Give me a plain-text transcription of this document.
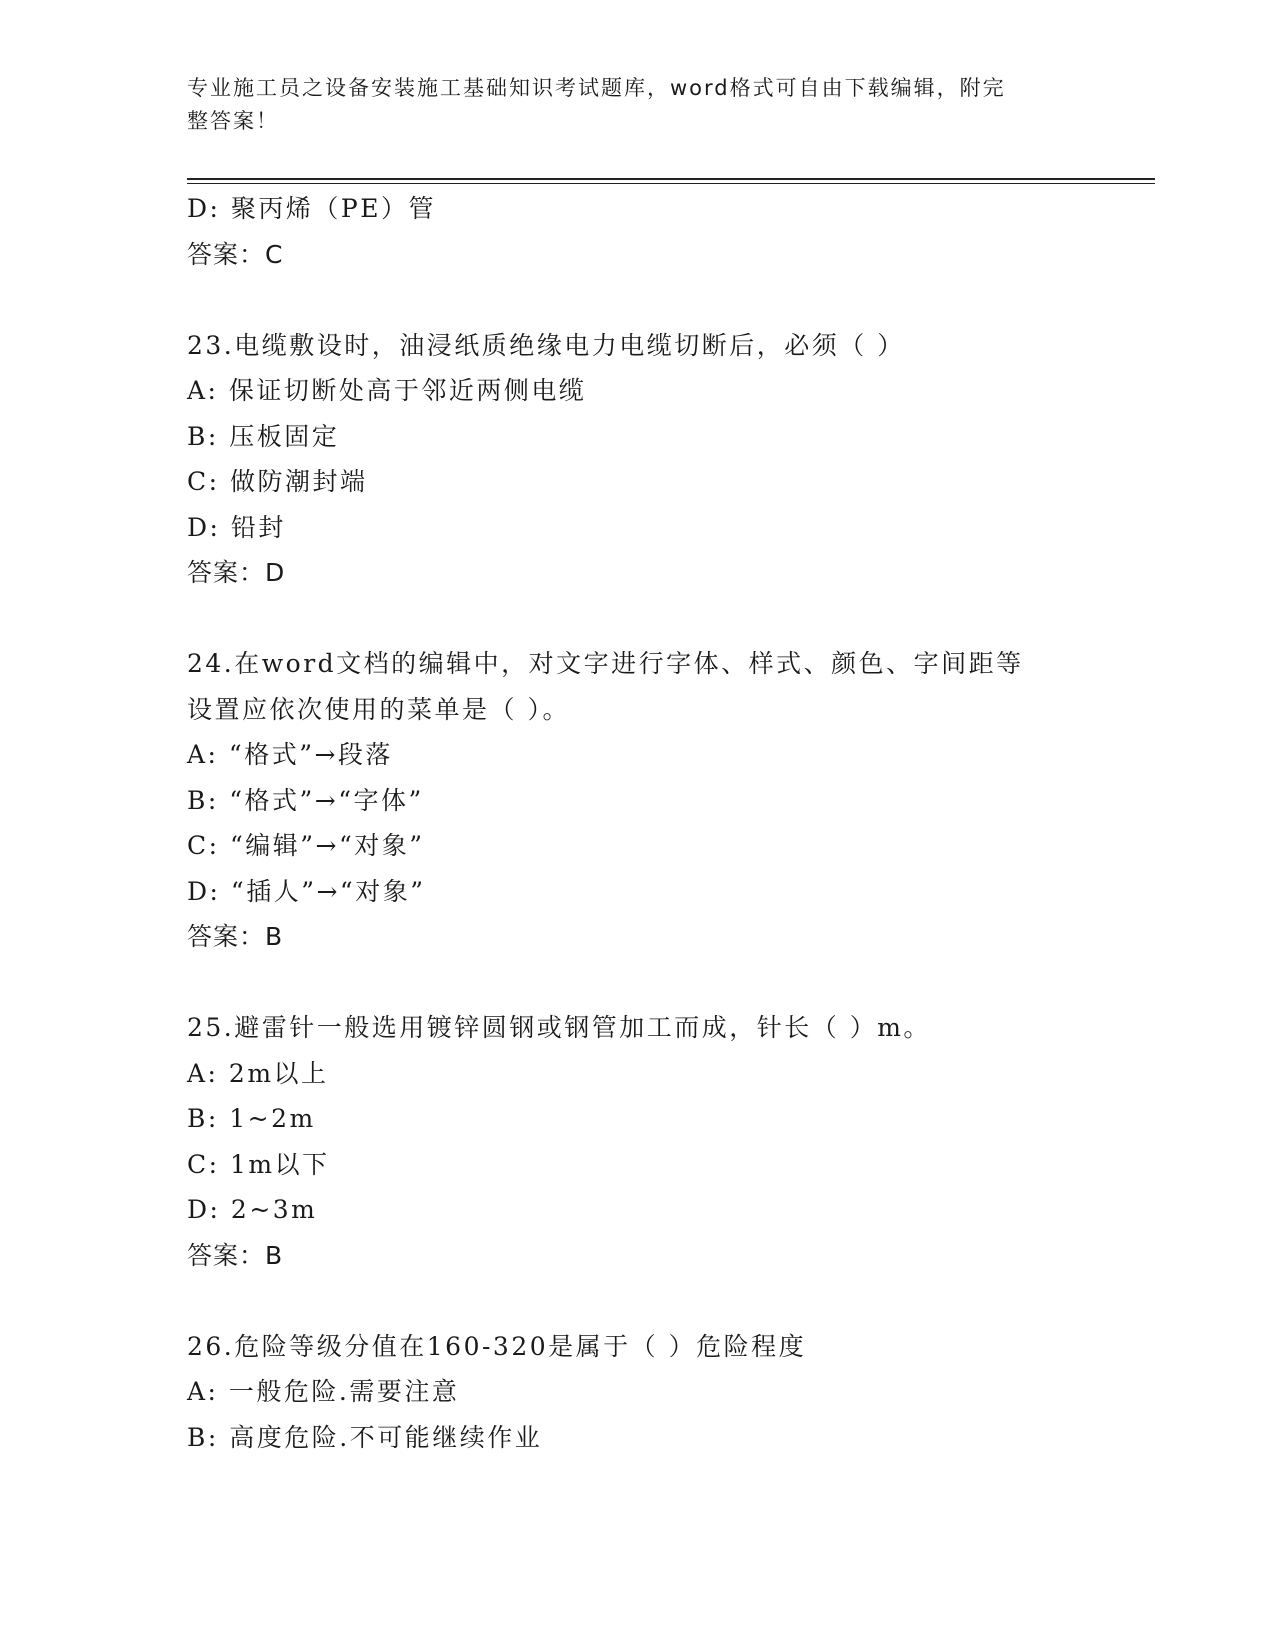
专业施工员之设备安装施工基础知识考试题库，word格式可自由下载编辑，附完
整答案！
D: 聚丙烯（PE）管
答案：C
23.电缆敷设时，油浸纸质绝缘电力电缆切断后，必须（ ）
A: 保证切断处高于邻近两侧电缆
B: 压板固定
C: 做防潮封端
D: 铅封
答案：D
24.在word文档的编辑中，对文字进行字体、样式、颜色、字间距等
设置应依次使用的菜单是（ ）。
A: “格式”→段落
B: “格式”→“字体”
C: “编辑”→“对象”
D: “插人”→“对象”
答案：B
25.避雷针一般选用镀锌圆钢或钢管加工而成，针长（ ）m。
A: 2m以上
B: 1~2m
C: 1m以下
D: 2~3m
答案：B
26.危险等级分值在160-320是属于（ ）危险程度
A: 一般危险.需要注意
B: 高度危险.不可能继续作业
